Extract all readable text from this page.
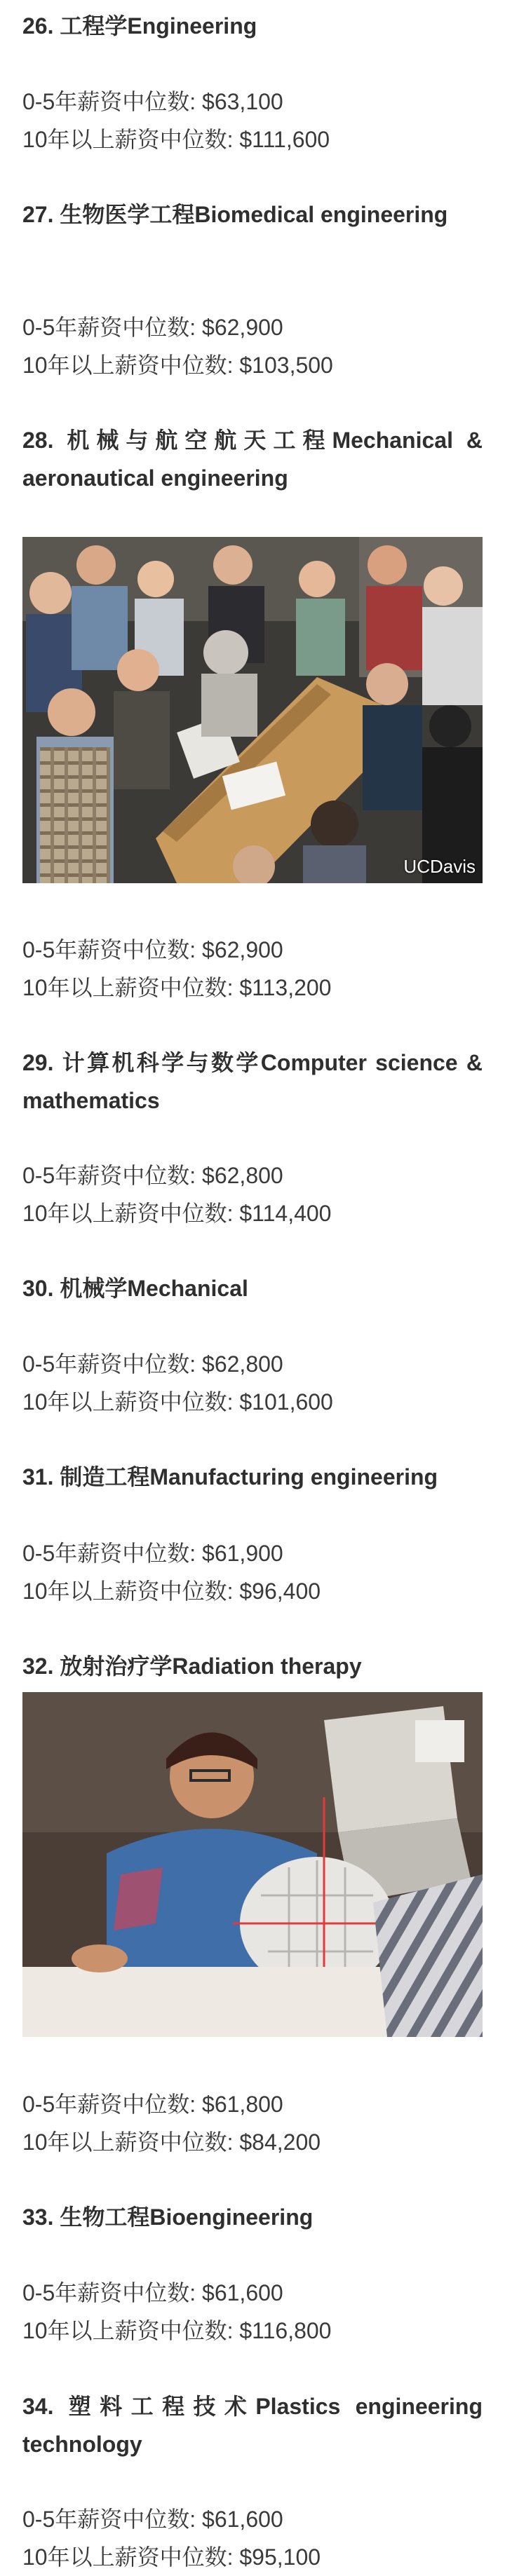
26. 工程学Engineering
0-5年薪资中位数: $63,100
10年以上薪资中位数: $111,600
27. 生物医学工程Biomedical engineering
0-5年薪资中位数: $62,900
10年以上薪资中位数: $103,500
28. 机械与航空航天工程Mechanical & aeronautical engineering
UCDavis
0-5年薪资中位数: $62,900
10年以上薪资中位数: $113,200
29. 计算机科学与数学Computer science & mathematics
0-5年薪资中位数: $62,800
10年以上薪资中位数: $114,400
30. 机械学Mechanical
0-5年薪资中位数: $62,800
10年以上薪资中位数: $101,600
31. 制造工程Manufacturing engineering
0-5年薪资中位数: $61,900
10年以上薪资中位数: $96,400
32. 放射治疗学Radiation therapy
0-5年薪资中位数: $61,800
10年以上薪资中位数: $84,200
33. 生物工程Bioengineering
0-5年薪资中位数: $61,600
10年以上薪资中位数: $116,800
34. 塑料工程技术Plastics engineering technology
0-5年薪资中位数: $61,600
10年以上薪资中位数: $95,100
